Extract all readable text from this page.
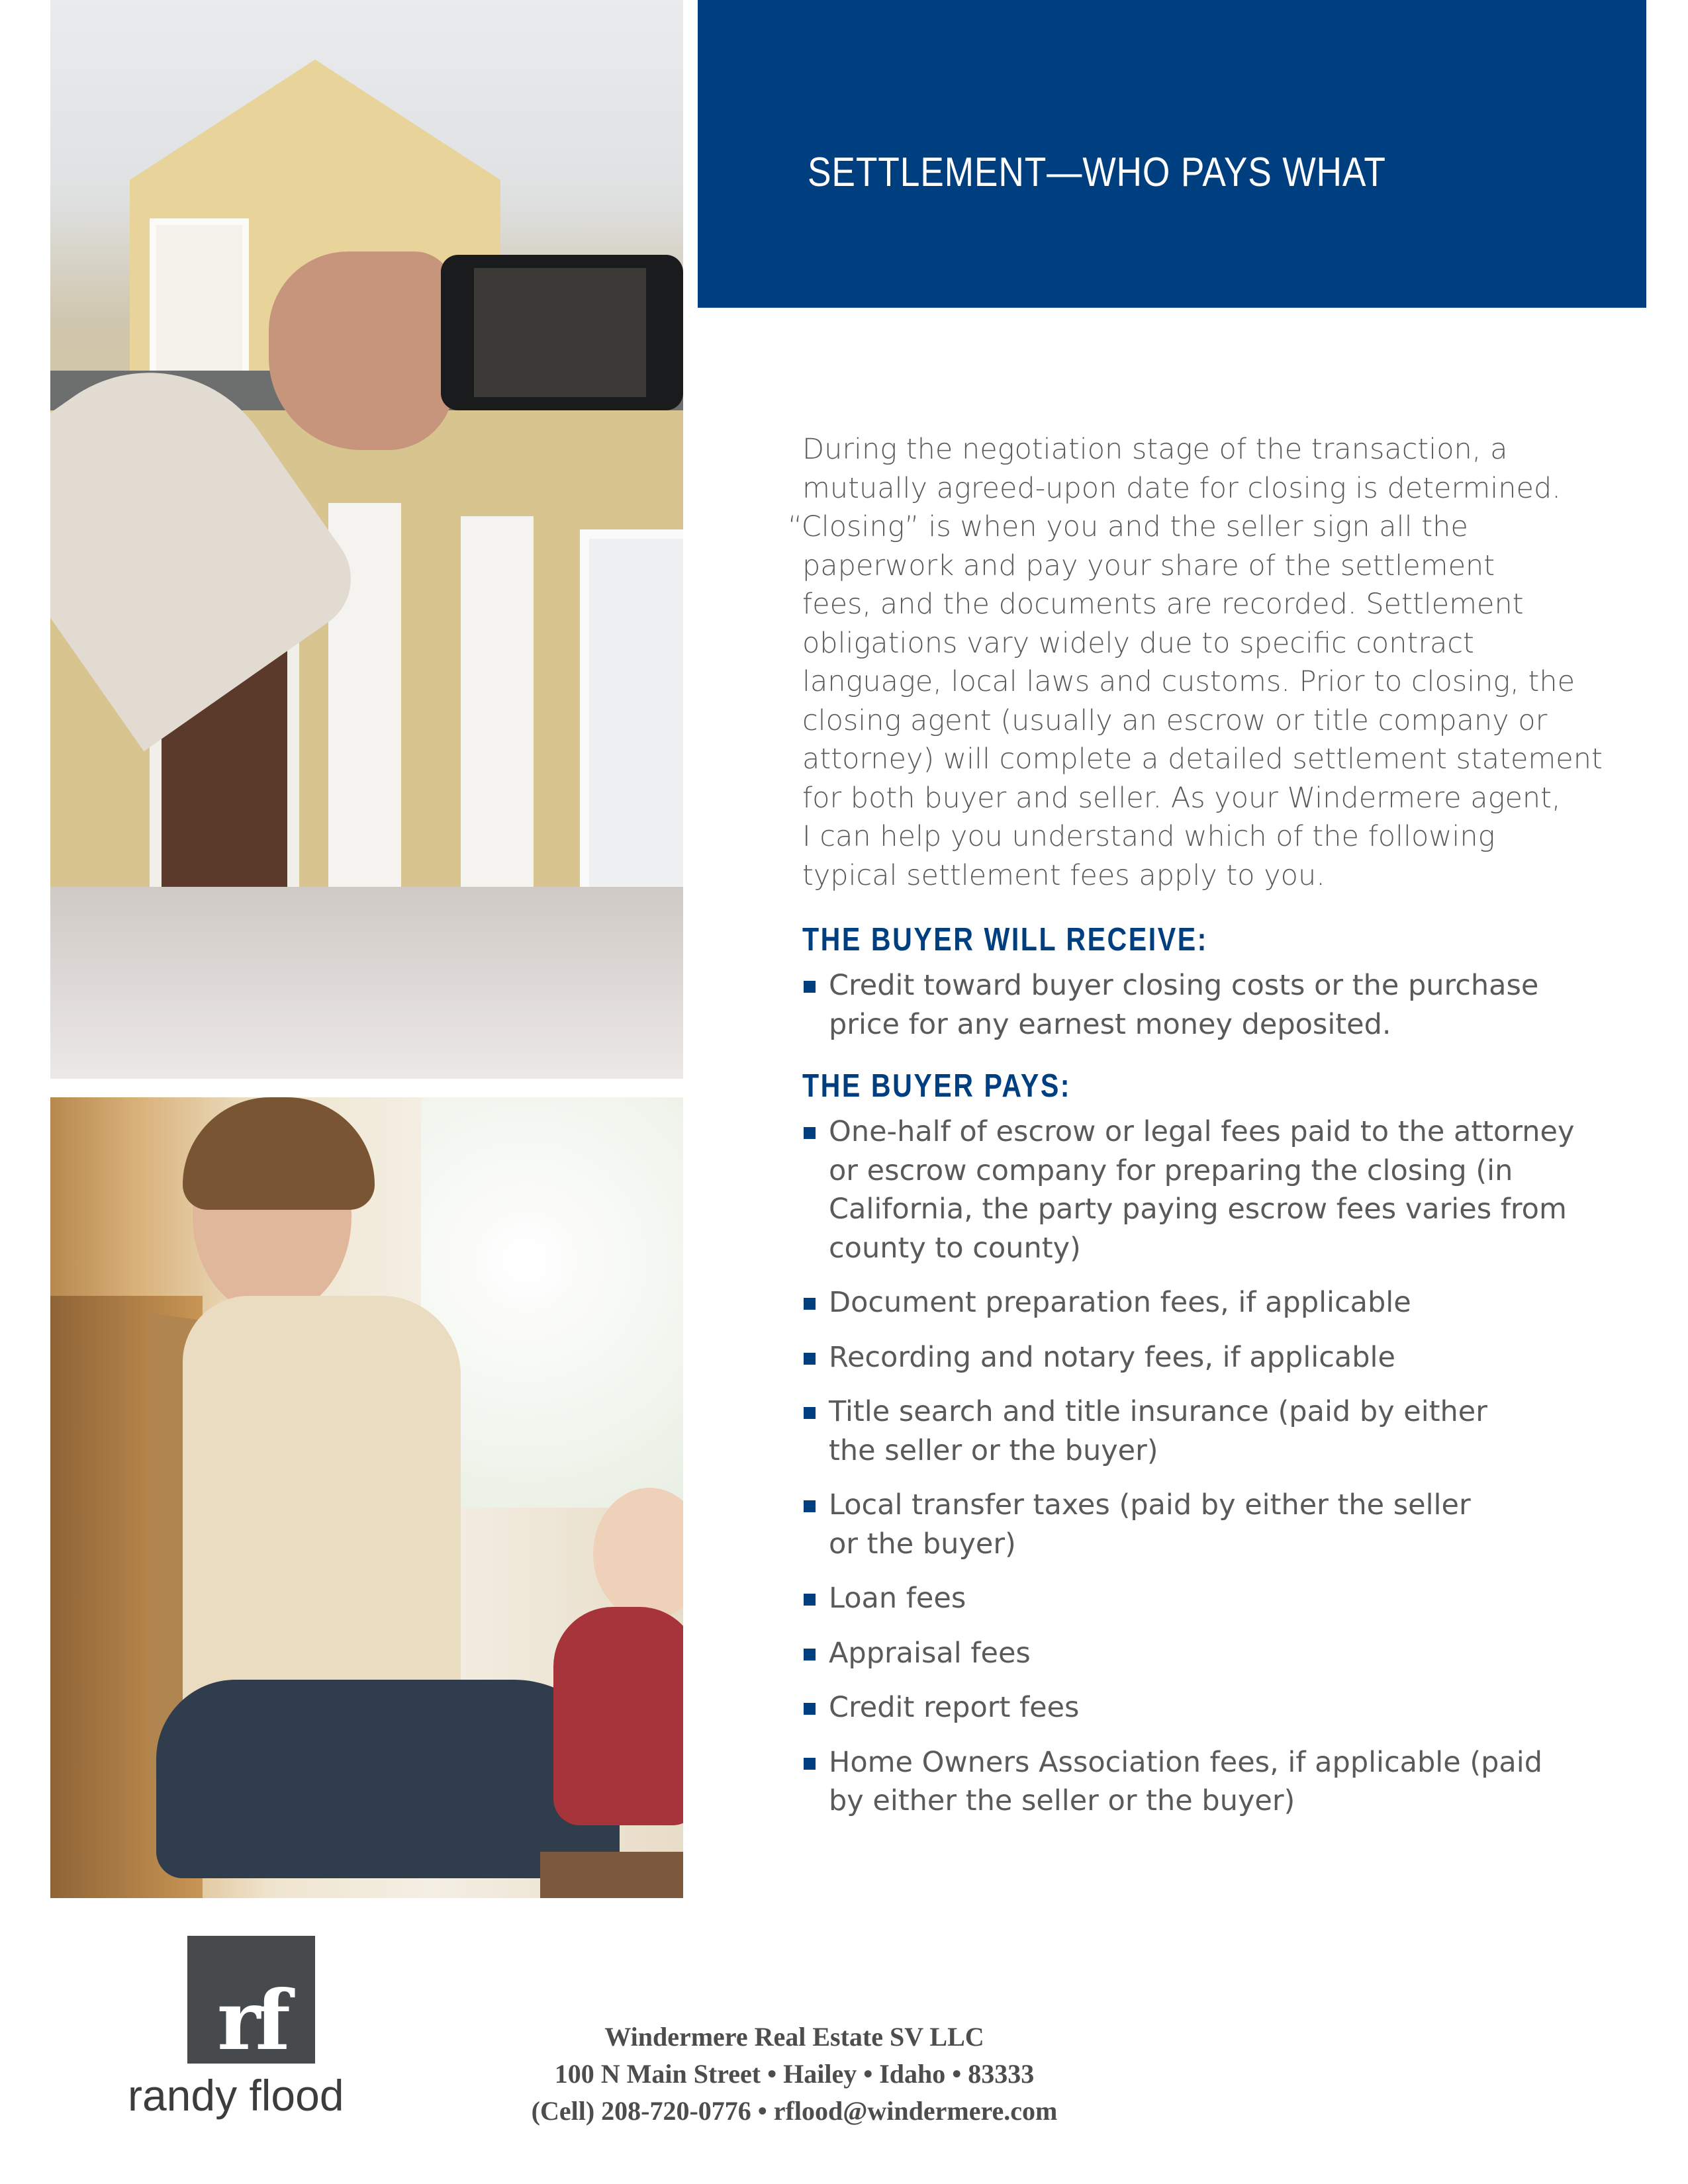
SETTLEMENT—WHO PAYS WHAT

During the negotiation stage of the transaction, a
mutually agreed-upon date for closing is determined.
“Closing” is when you and the seller sign all the
paperwork and pay your share of the settlement
fees, and the documents are recorded. Settlement
obligations vary widely due to specific contract
language, local laws and customs. Prior to closing, the
closing agent (usually an escrow or title company or
attorney) will complete a detailed settlement statement
for both buyer and seller. As your Windermere agent,
I can help you understand which of the following
typical settlement fees apply to you.

THE BUYER WILL RECEIVE:
Credit toward buyer closing costs or the purchase
price for any earnest money deposited.
THE BUYER PAYS:
One-half of escrow or legal fees paid to the attorney
or escrow company for preparing the closing (in
California, the party paying escrow fees varies from
county to county)
Document preparation fees, if applicable
Recording and notary fees, if applicable
Title search and title insurance (paid by either
the seller or the buyer)
Local transfer taxes (paid by either the seller
or the buyer)
Loan fees
Appraisal fees
Credit report fees
Home Owners Association fees, if applicable (paid
by either the seller or the buyer)
rf
randy flood
Windermere Real Estate SV LLC
100 N Main Street • Hailey • Idaho • 83333
(Cell) 208-720-0776 • rflood@windermere.com
